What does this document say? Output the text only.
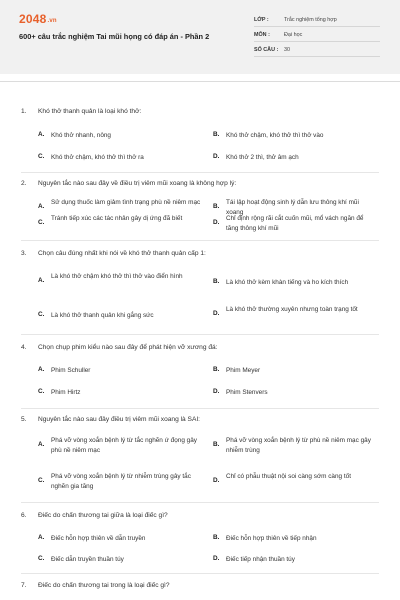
2048.vn
600+ câu trắc nghiệm Tai mũi họng có đáp án - Phần 2
LỚP :	Trắc nghiệm tổng hợp
MÔN :	Đại học
SỐ CÂU : 30
1. Khó thở thanh quản là loại khó thở:
A. Khó thở nhanh, nông	B. Khó thở chậm, khó thở thì thở vào
C. Khó thở chậm, khó thở thì thở ra	D. Khó thở 2 thì, thở âm ạch
2. Nguyên tắc nào sau đây về điều trị viêm mũi xoang là không hợp lý:
A.
Sử dụng thuốc làm giảm tình trạng phù nề niêm mạc
B.
Tái lập hoạt động sinh lý dẫn lưu thông khí mũi xoang
C.
Tránh tiếp xúc các tác nhân gây dị ứng đã biết
D.
Chỉ định rộng rãi cắt cuốn mũi, mổ vách ngăn để tăng thông khí mũi
3. Chọn câu đúng nhất khi nói về khó thở thanh quản cấp 1:
A.
Là khó thở chậm khó thở thì thở vào điển hình
B. Là khó thở kèm khàn tiếng và ho kích thích
C. Là khó thở thanh quản khi gắng sức	D.
Là khó thở thường xuyên nhưng toàn trạng tốt
4. Chọn chụp phim kiểu nào sau đây để phát hiện vỡ xương đá:
A. Phim Schuller	B. Phim Meyer
C. Phim Hirtz	D. Phim Stenvers
5. Nguyên tắc nào sau đây điều trị viêm mũi xoang là SAI:
A.
Phá vỡ vòng xoắn bệnh lý từ tắc nghẽn ứ đọng gây phù nề niêm mạc
B.
Phá vỡ vòng xoắn bệnh lý từ phù nề niêm mạc gây nhiễm trùng
C.
Phá vỡ vòng xoắn bệnh lý từ nhiễm trùng gây tắc nghẽn gia tăng
D.
Chỉ có phẫu thuật nội soi càng sớm càng tốt
6. Điếc do chấn thương tai giữa là loại điếc gì?
A. Điếc hỗn hợp thiên về dẫn truyền	B. Điếc hỗn hợp thiên về tiếp nhận
C. Điếc dẫn truyền thuần túy	D. Điếc tiếp nhận thuần túy
7. Điếc do chấn thương tai trong là loại điếc gì?
